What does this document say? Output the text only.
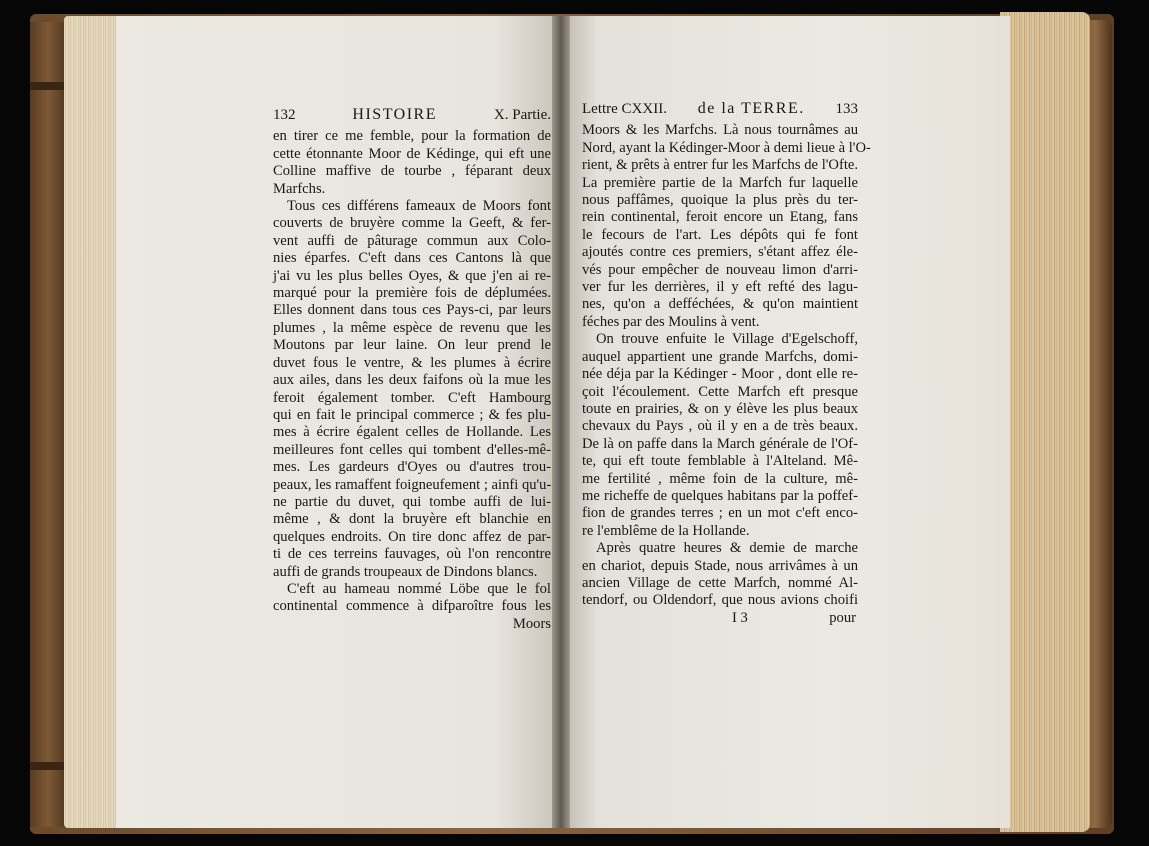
132	HISTOIRE	X. Partie.
en tirer ce me femble, pour la formation de
cette étonnante Moor de Kédinge, qui eft une
Colline maffive de tourbe , féparant deux
Marfchs.
Tous ces différens fameaux de Moors font
couverts de bruyère comme la Geeft, & fer-
vent auffi de pâturage commun aux Colo-
nies éparfes. C'eft dans ces Cantons là que
j'ai vu les plus belles Oyes, & que j'en ai re-
marqué pour la première fois de déplumées.
Elles donnent dans tous ces Pays-ci, par leurs
plumes , la même espèce de revenu que les
Moutons par leur laine. On leur prend le
duvet fous le ventre, & les plumes à écrire
aux ailes, dans les deux faifons où la mue les
feroit également tomber. C'eft Hambourg
qui en fait le principal commerce ; & fes plu-
mes à écrire égalent celles de Hollande. Les
meilleures font celles qui tombent d'elles-mê-
mes. Les gardeurs d'Oyes ou d'autres trou-
peaux, les ramaffent foigneufement ; ainfi qu'u-
ne partie du duvet, qui tombe auffi de lui-
même , & dont la bruyère eft blanchie en
quelques endroits. On tire donc affez de par-
ti de ces terreins fauvages, où l'on rencontre
auffi de grands troupeaux de Dindons blancs.
C'eft au hameau nommé Löbe que le fol
continental commence à difparoître fous les
Moors
Lettre CXXII. de la TERRE. 133
Moors & les Marfchs. Là nous tournâmes au
Nord, ayant la Kédinger-Moor à demi lieue à l'O-
rient, & prêts à entrer fur les Marfchs de l'Ofte.
La première partie de la Marfch fur laquelle
nous paffâmes, quoique la plus près du ter-
rein continental, feroit encore un Etang, fans
le fecours de l'art. Les dépôts qui fe font
ajoutés contre ces premiers, s'étant affez éle-
vés pour empêcher de nouveau limon d'arri-
ver fur les derrières, il y eft refté des lagu-
nes, qu'on a defféchées, & qu'on maintient
féches par des Moulins à vent.
On trouve enfuite le Village d'Egelschoff,
auquel appartient une grande Marfchs, domi-
née déja par la Kédinger - Moor , dont elle re-
çoit l'écoulement. Cette Marfch eft presque
toute en prairies, & on y élève les plus beaux
chevaux du Pays , où il y en a de très beaux.
De là on paffe dans la March générale de l'Of-
te, qui eft toute femblable à l'Alteland. Mê-
me fertilité , même foin de la culture, mê-
me richeffe de quelques habitans par la poffef-
fion de grandes terres ; en un mot c'eft enco-
re l'emblême de la Hollande.
Après quatre heures & demie de marche
en chariot, depuis Stade, nous arrivâmes à un
ancien Village de cette Marfch, nommé Al-
tendorf, ou Oldendorf, que nous avions choifi
I 3	pour
